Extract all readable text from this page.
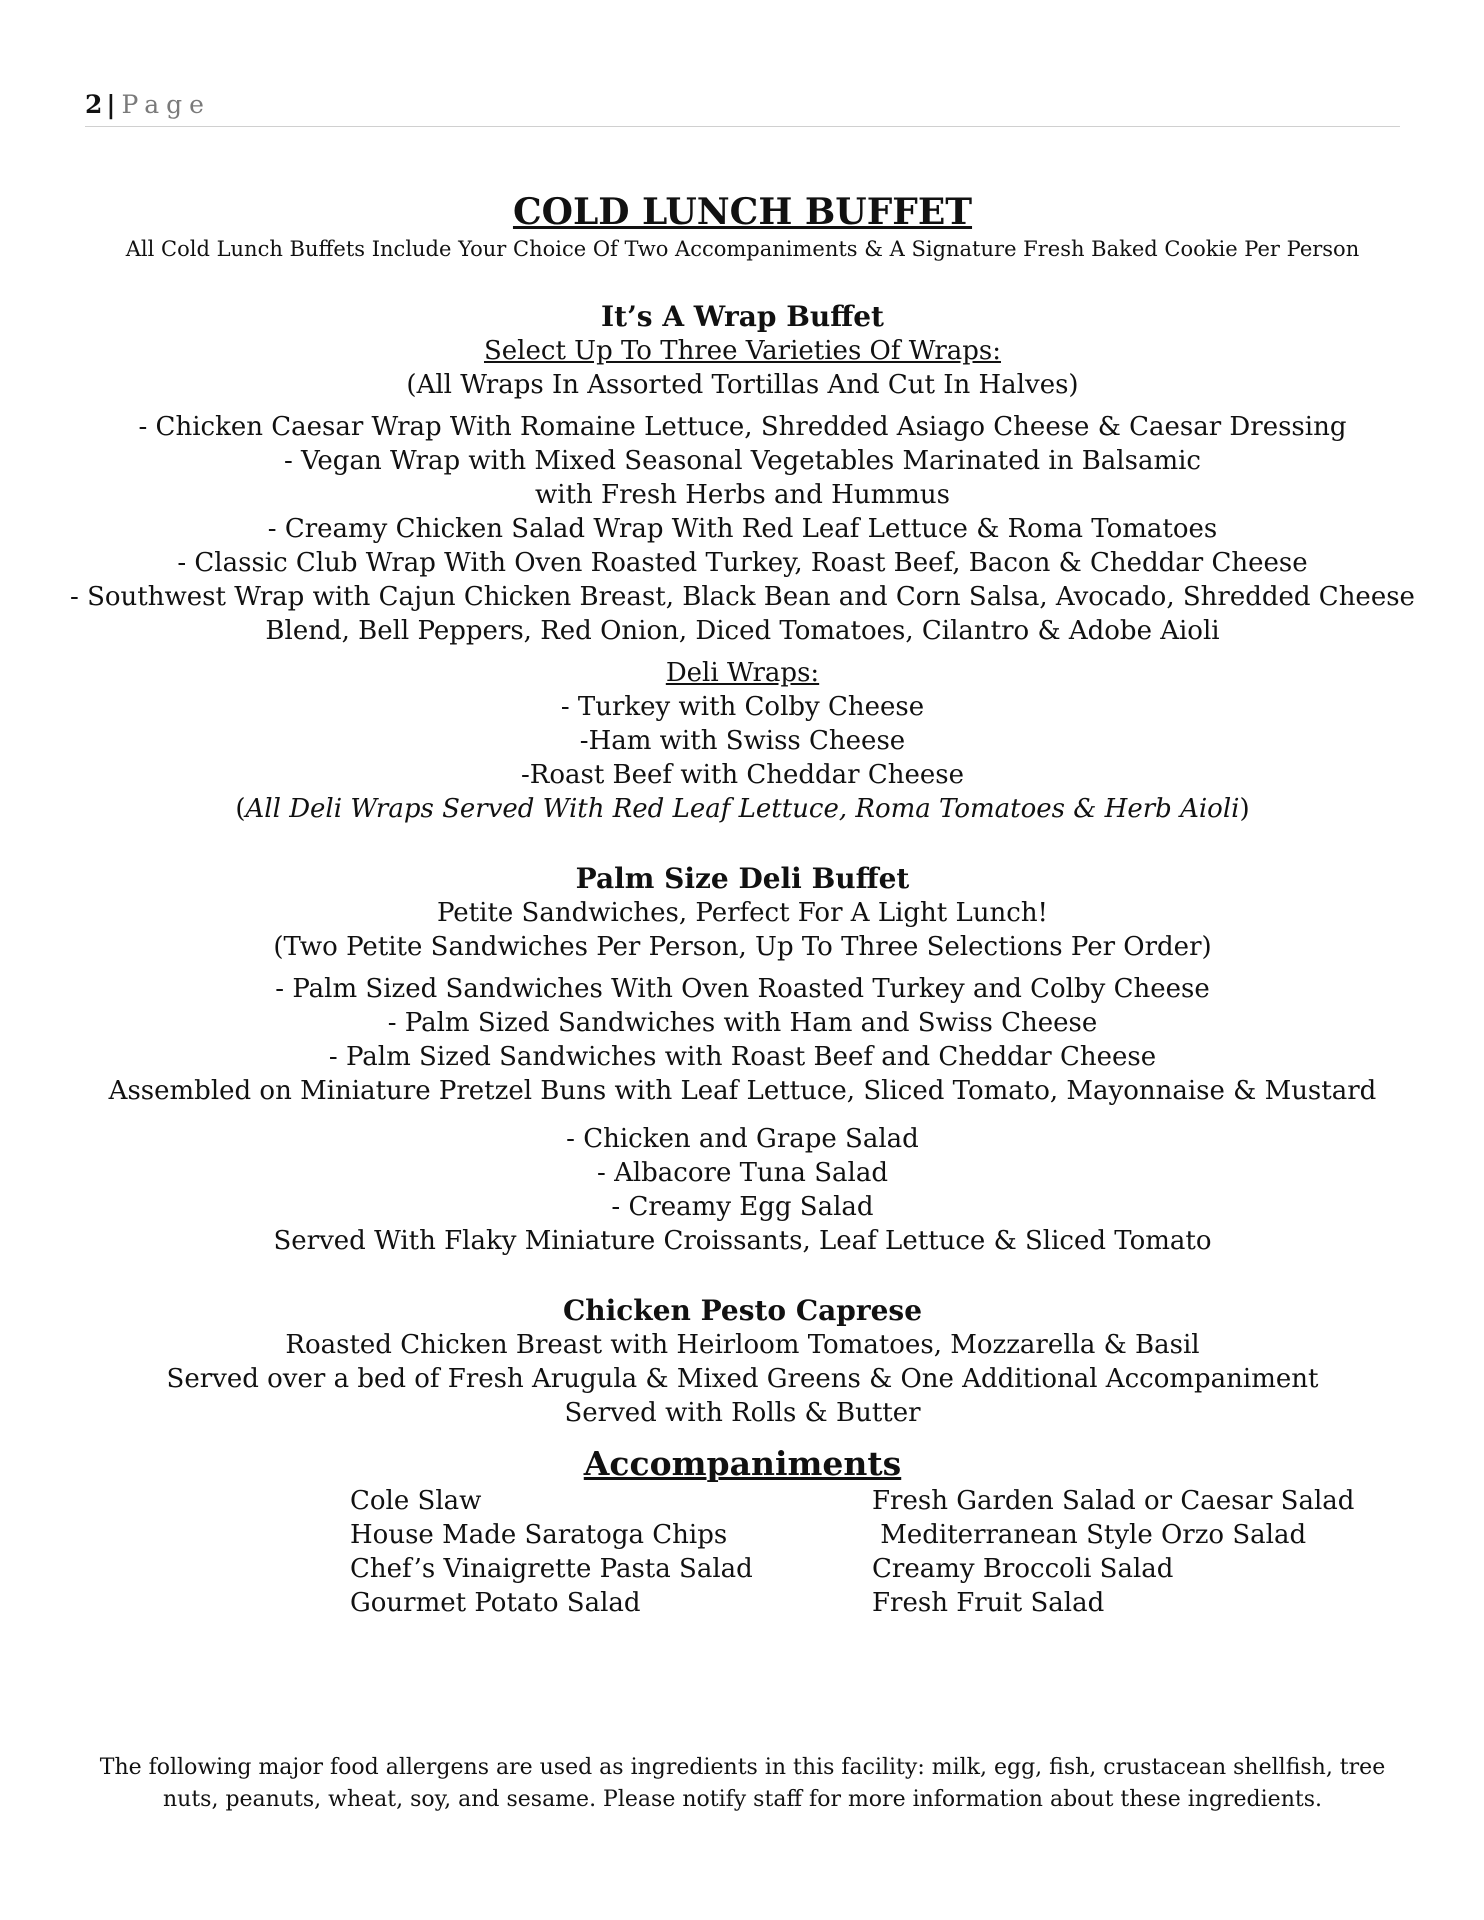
2 | Page
COLD LUNCH BUFFET
All Cold Lunch Buffets Include Your Choice Of Two Accompaniments & A Signature Fresh Baked Cookie Per Person
It’s A Wrap Buffet
Select Up To Three Varieties Of Wraps:
(All Wraps In Assorted Tortillas And Cut In Halves)
- Chicken Caesar Wrap With Romaine Lettuce, Shredded Asiago Cheese & Caesar Dressing
- Vegan Wrap with Mixed Seasonal Vegetables Marinated in Balsamic
with Fresh Herbs and Hummus
- Creamy Chicken Salad Wrap With Red Leaf Lettuce & Roma Tomatoes
- Classic Club Wrap With Oven Roasted Turkey, Roast Beef, Bacon & Cheddar Cheese
- Southwest Wrap with Cajun Chicken Breast, Black Bean and Corn Salsa, Avocado, Shredded Cheese
Blend, Bell Peppers, Red Onion, Diced Tomatoes, Cilantro & Adobe Aioli
Deli Wraps:
- Turkey with Colby Cheese
-Ham with Swiss Cheese
-Roast Beef with Cheddar Cheese
(All Deli Wraps Served With Red Leaf Lettuce, Roma Tomatoes & Herb Aioli)
Palm Size Deli Buffet
Petite Sandwiches, Perfect For A Light Lunch!
(Two Petite Sandwiches Per Person, Up To Three Selections Per Order)
- Palm Sized Sandwiches With Oven Roasted Turkey and Colby Cheese
- Palm Sized Sandwiches with Ham and Swiss Cheese
- Palm Sized Sandwiches with Roast Beef and Cheddar Cheese
Assembled on Miniature Pretzel Buns with Leaf Lettuce, Sliced Tomato, Mayonnaise & Mustard
- Chicken and Grape Salad
- Albacore Tuna Salad
- Creamy Egg Salad
Served With Flaky Miniature Croissants, Leaf Lettuce & Sliced Tomato
Chicken Pesto Caprese
Roasted Chicken Breast with Heirloom Tomatoes, Mozzarella & Basil
Served over a bed of Fresh Arugula & Mixed Greens & One Additional Accompaniment
Served with Rolls & Butter
Accompaniments
Cole Slaw
House Made Saratoga Chips
Chef’s Vinaigrette Pasta Salad
Gourmet Potato Salad
Fresh Garden Salad or Caesar Salad
Mediterranean Style Orzo Salad
Creamy Broccoli Salad
Fresh Fruit Salad
The following major food allergens are used as ingredients in this facility: milk, egg, fish, crustacean shellfish, tree
nuts, peanuts, wheat, soy, and sesame. Please notify staff for more information about these ingredients.
